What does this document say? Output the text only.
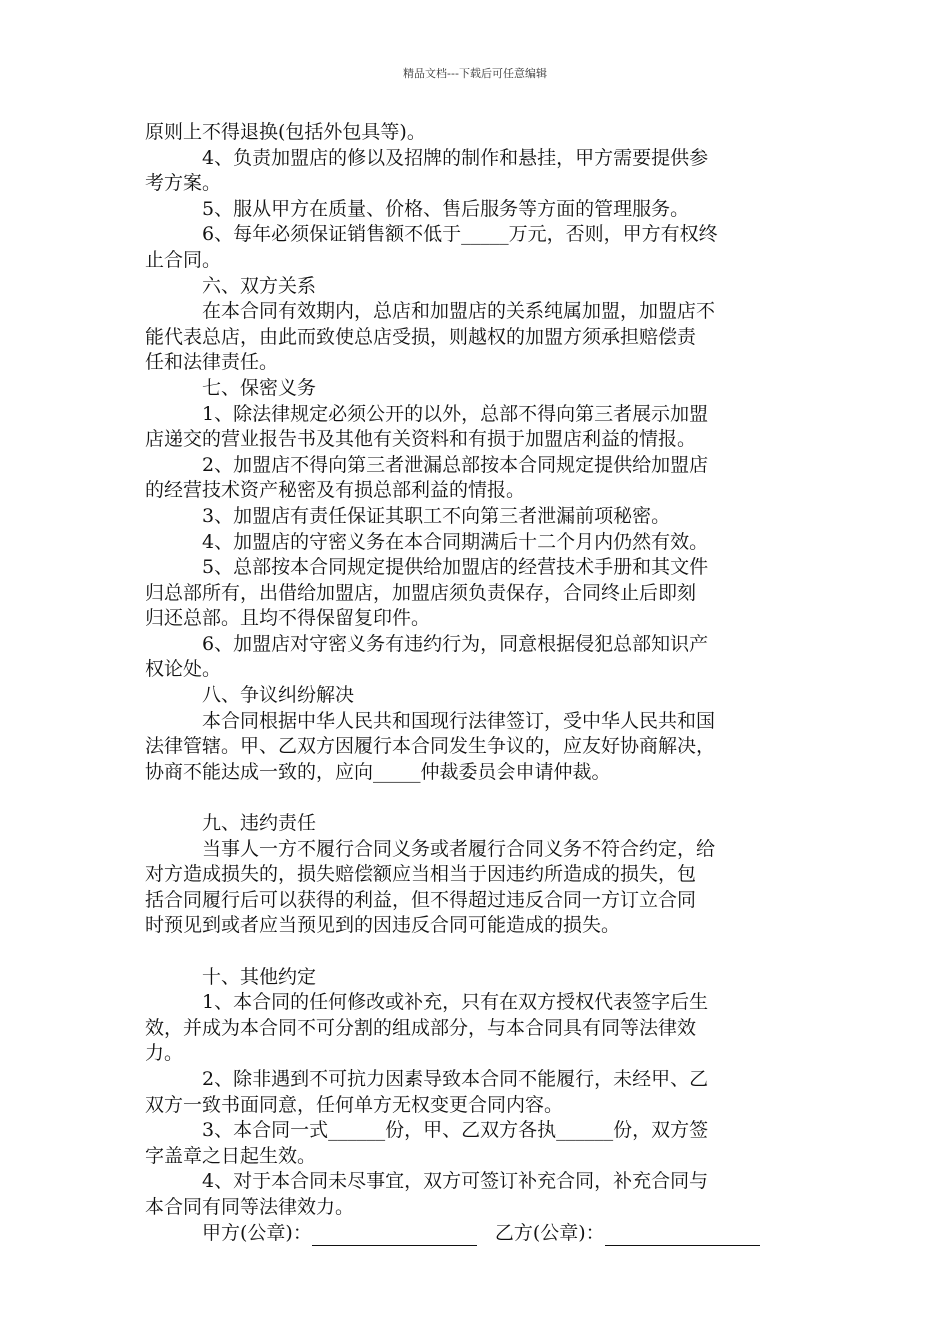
精品文档---下载后可任意编辑
原则上不得退换(包括外包具等)。
4、负责加盟店的修以及招牌的制作和悬挂，甲方需要提供参
考方案。
5、服从甲方在质量、价格、售后服务等方面的管理服务。
6、每年必须保证销售额不低于_____万元，否则，甲方有权终
止合同。
六、双方关系
在本合同有效期内，总店和加盟店的关系纯属加盟，加盟店不
能代表总店，由此而致使总店受损，则越权的加盟方须承担赔偿责
任和法律责任。
七、保密义务
1、除法律规定必须公开的以外，总部不得向第三者展示加盟
店递交的营业报告书及其他有关资料和有损于加盟店利益的情报。
2、加盟店不得向第三者泄漏总部按本合同规定提供给加盟店
的经营技术资产秘密及有损总部利益的情报。
3、加盟店有责任保证其职工不向第三者泄漏前项秘密。
4、加盟店的守密义务在本合同期满后十二个月内仍然有效。
5、总部按本合同规定提供给加盟店的经营技术手册和其文件
归总部所有，出借给加盟店，加盟店须负责保存，合同终止后即刻
归还总部。且均不得保留复印件。
6、加盟店对守密义务有违约行为，同意根据侵犯总部知识产
权论处。
八、争议纠纷解决
本合同根据中华人民共和国现行法律签订，受中华人民共和国
法律管辖。甲、乙双方因履行本合同发生争议的，应友好协商解决，
协商不能达成一致的，应向_____仲裁委员会申请仲裁。
九、违约责任
当事人一方不履行合同义务或者履行合同义务不符合约定，给
对方造成损失的，损失赔偿额应当相当于因违约所造成的损失，包
括合同履行后可以获得的利益，但不得超过违反合同一方订立合同
时预见到或者应当预见到的因违反合同可能造成的损失。
十、其他约定
1、本合同的任何修改或补充，只有在双方授权代表签字后生
效，并成为本合同不可分割的组成部分，与本合同具有同等法律效
力。
2、除非遇到不可抗力因素导致本合同不能履行，未经甲、乙
双方一致书面同意，任何单方无权变更合同内容。
3、本合同一式______份，甲、乙双方各执______份，双方签
字盖章之日起生效。
4、对于本合同未尽事宜，双方可签订补充合同，补充合同与
本合同有同等法律效力。
甲方(公章)：	乙方(公章)：
